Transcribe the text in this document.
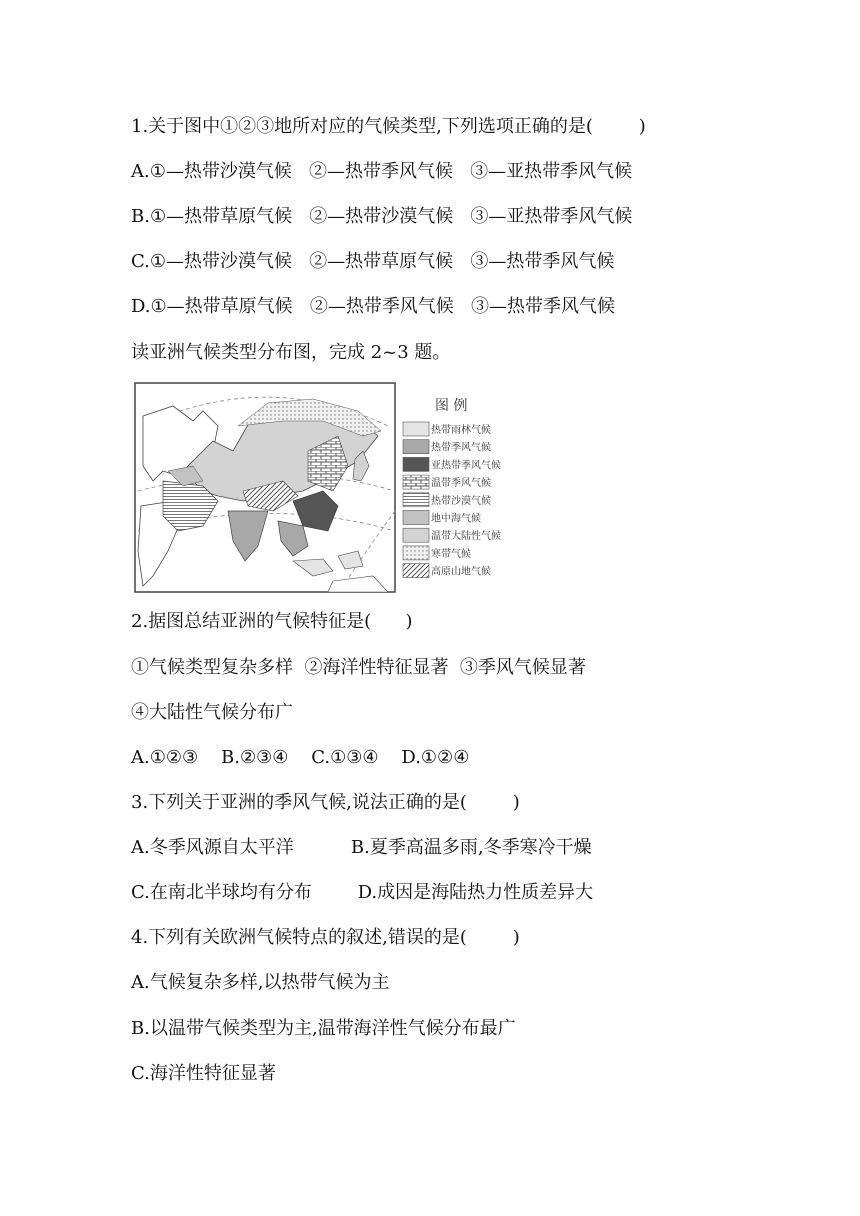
1.关于图中①②③地所对应的气候类型,下列选项正确的是(        )
A.①—热带沙漠气候   ②—热带季风气候   ③—亚热带季风气候
B.①—热带草原气候   ②—热带沙漠气候   ③—亚热带季风气候
C.①—热带沙漠气候   ②—热带草原气候   ③—热带季风气候
D.①—热带草原气候   ②—热带季风气候   ③—热带季风气候
读亚洲气候类型分布图，完成 2~3 题。
图 例
热带雨林气候
热带季风气候
亚热带季风气候
温带季风气候
热带沙漠气候
地中海气候
温带大陆性气候
寒带气候
高原山地气候
2.据图总结亚洲的气候特征是(      )
①气候类型复杂多样  ②海洋性特征显著  ③季风气候显著
④大陆性气候分布广
A.①②③    B.②③④    C.①③④    D.①②④
3.下列关于亚洲的季风气候,说法正确的是(        )
A.冬季风源自太平洋          B.夏季高温多雨,冬季寒冷干燥
C.在南北半球均有分布        D.成因是海陆热力性质差异大
4.下列有关欧洲气候特点的叙述,错误的是(        )
A.气候复杂多样,以热带气候为主
B.以温带气候类型为主,温带海洋性气候分布最广
C.海洋性特征显著
